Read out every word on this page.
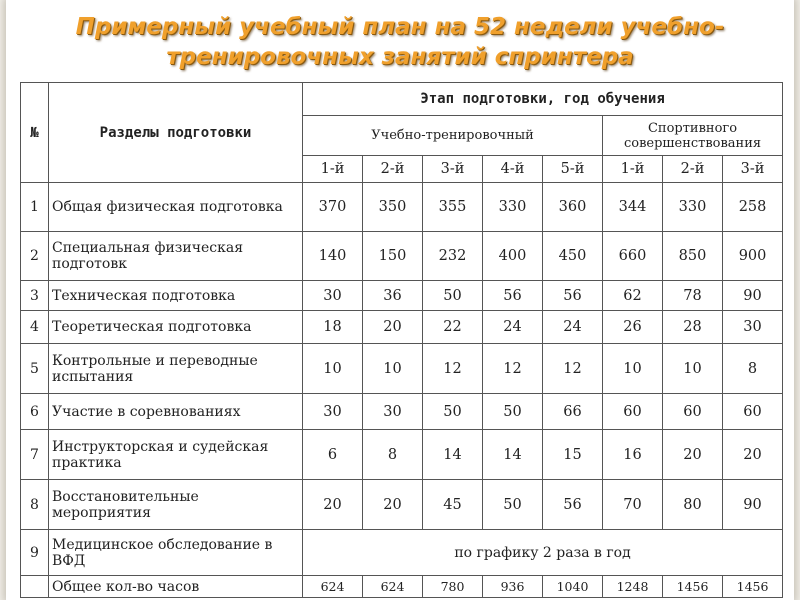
Примерный учебный план на 52 недели учебно-
тренировочных занятий спринтера
№	Разделы подготовки	Этап подготовки, год обучения							
		Учебно-тренировочный					Спортивного совершенствования		
		1-й	2-й	3-й	4-й	5-й	1-й	2-й	3-й
1	Общая физическая подготовка	370	350	355	330	360	344	330	258
2	Специальная физическая подготовк	140	150	232	400	450	660	850	900
3	Техническая подготовка	30	36	50	56	56	62	78	90
4	Теоретическая подготовка	18	20	22	24	24	26	28	30
5	Контрольные и переводные испытания	10	10	12	12	12	10	10	8
6	Участие в соревнованиях	30	30	50	50	66	60	60	60
7	Инструкторская и судейская практика	6	8	14	14	15	16	20	20
8	Восстановительные мероприятия	20	20	45	50	56	70	80	90
9	Медицинское обследование в ВФД	по графику 2 раза в год							
	Общее кол-во часов	624	624	780	936	1040	1248	1456	1456
